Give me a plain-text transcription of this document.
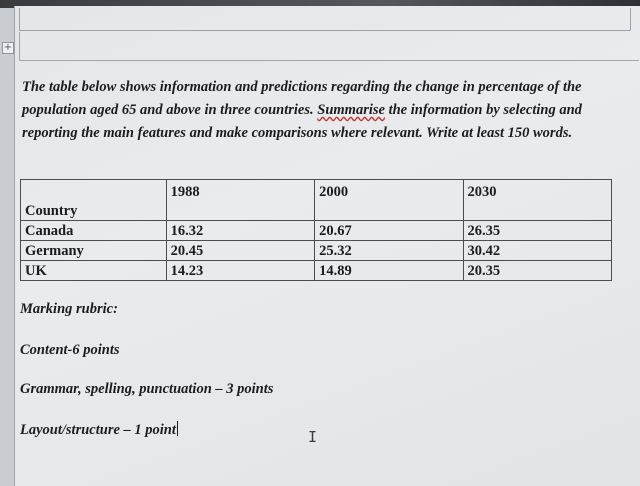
+

The table below shows information and predictions regarding the change in percentage of the population aged 65 and above in three countries. Summarise the information by selecting and reporting the main features and make comparisons where relevant. Write at least 150 words.

Country	1988	2000	2030
Canada	16.32	20.67	26.35
Germany	20.45	25.32	30.42
UK	14.23	14.89	20.35

Marking rubric:

Content-6 points

Grammar, spelling, punctuation – 3 points

Layout/structure – 1 point	I
